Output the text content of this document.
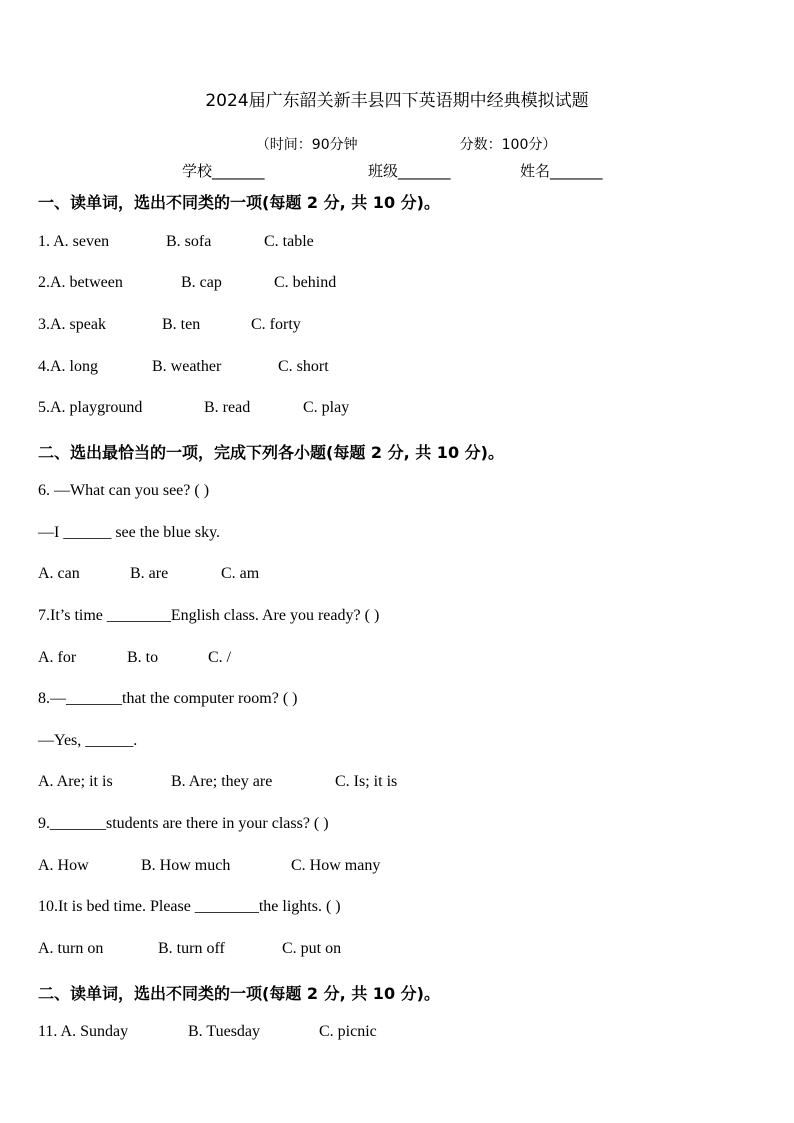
2024届广东韶关新丰县四下英语期中经典模拟试题

（时间：90分钟	分数：100分）

学校_______	班级_______	姓名_______
一、读单词，选出不同类的一项(每题 2 分, 共 10 分)。
1. A. seven	B. sofa	C. table
2.A. between	B. cap	C. behind
3.A. speak	B. ten	C. forty
4.A. long	B. weather	C. short
5.A. playground	B. read	C. play
二、选出最恰当的一项，完成下列各小题(每题 2 分, 共 10 分)。
6. —What can you see? ( )
—I ______ see the blue sky.
A. can	B. are	C. am
7.It’s time ________English class. Are you ready? ( )
A. for	B. to	C. /
8.—_______that the computer room? ( )
—Yes, ______.
A. Are; it is	B. Are; they are	C. Is; it is
9._______students are there in your class? ( )
A. How	B. How much	C. How many
10.It is bed time. Please ________the lights. ( )
A. turn on	B. turn off	C. put on
二、读单词，选出不同类的一项(每题 2 分, 共 10 分)。
11. A. Sunday	B. Tuesday	C. picnic
